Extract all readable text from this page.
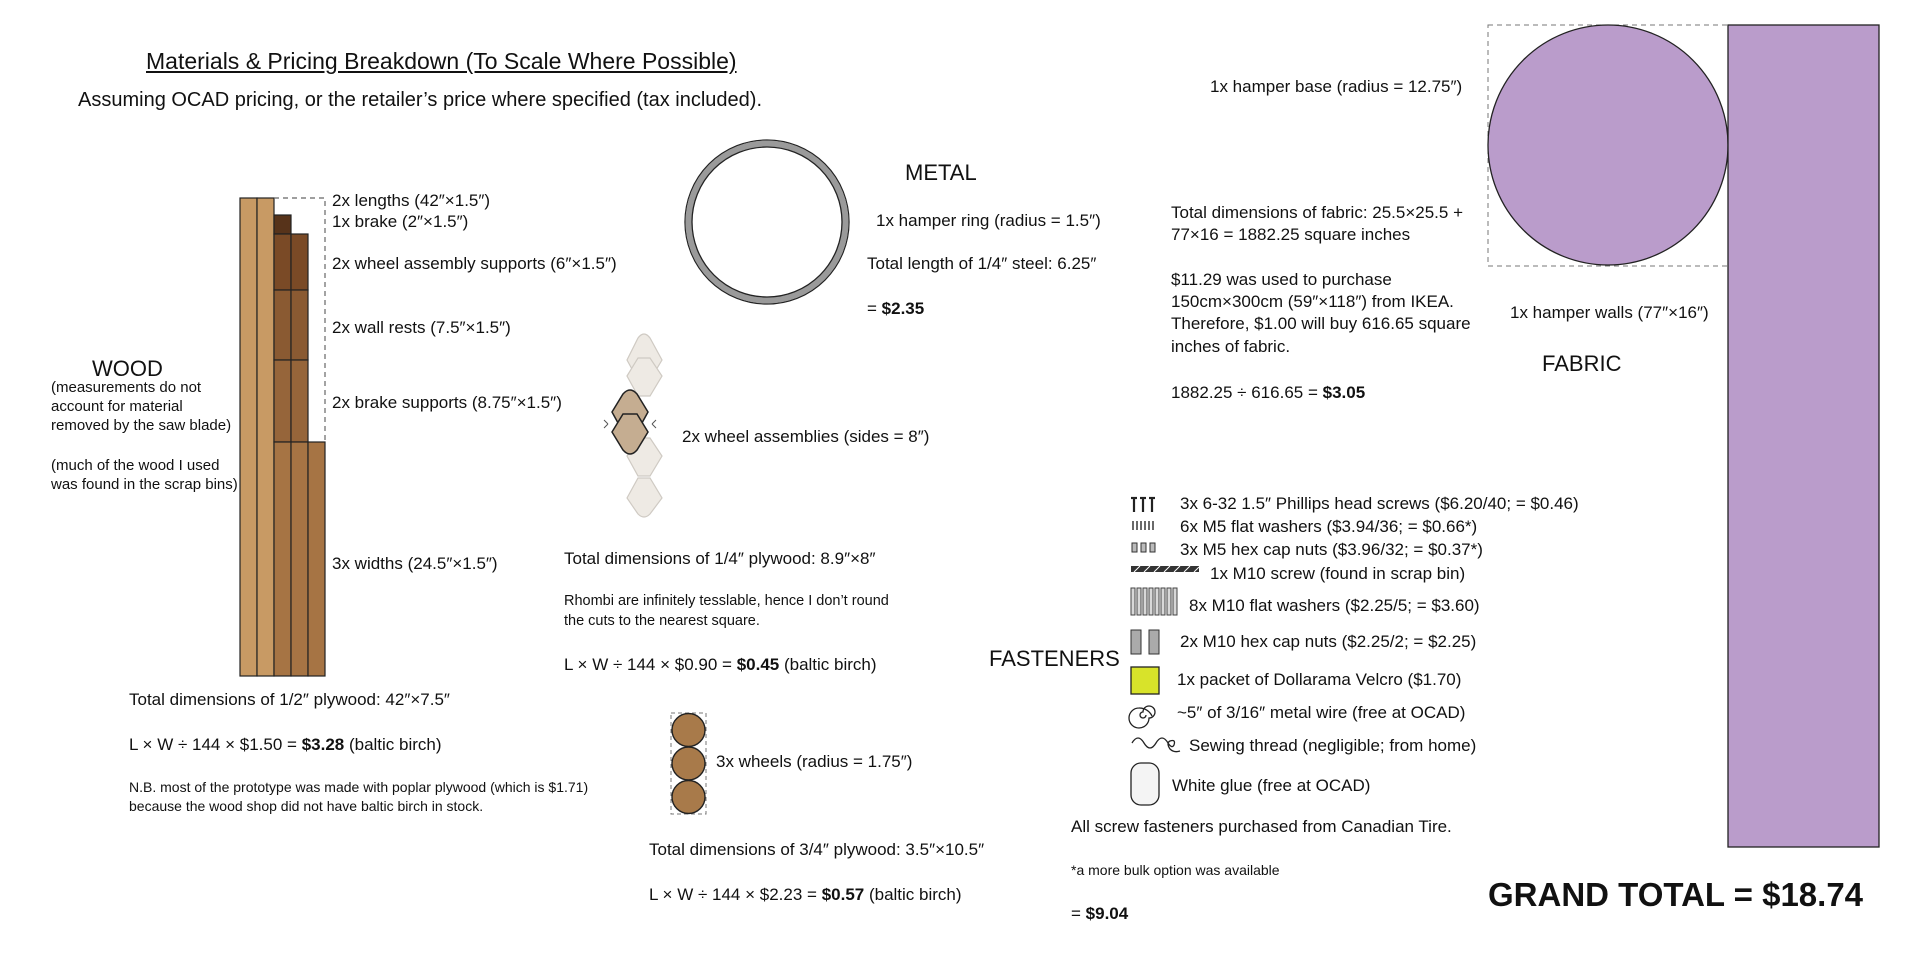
Materials & Pricing Breakdown (To Scale Where Possible)
Assuming OCAD pricing, or the retailer’s price where specified (tax included).
2x lengths (42″×1.5″)
1x brake (2″×1.5″)
2x wheel assembly supports (6″×1.5″)
2x wall rests (7.5″×1.5″)
2x brake supports (8.75″×1.5″)
3x widths (24.5″×1.5″)
WOOD
(measurements do not
account for material
removed by the saw blade)
(much of the wood I used
was found in the scrap bins)
Total dimensions of 1/2″ plywood: 42″×7.5″
L × W ÷ 144 × $1.50 = $3.28 (baltic birch)
N.B. most of the prototype was made with poplar plywood (which is $1.71)
because the wood shop did not have baltic birch in stock.
METAL
1x hamper ring (radius = 1.5″)
Total length of 1/4″ steel: 6.25″
= $2.35
2x wheel assemblies (sides = 8″)
Total dimensions of 1/4″ plywood: 8.9″×8″
Rhombi are infinitely tesslable, hence I don’t round
the cuts to the nearest square.
L × W ÷ 144 × $0.90 = $0.45 (baltic birch)
3x wheels (radius = 1.75″)
Total dimensions of 3/4″ plywood: 3.5″×10.5″
L × W ÷ 144 × $2.23 = $0.57 (baltic birch)
1x hamper base (radius = 12.75″)
1x hamper walls (77″×16″)
FABRIC
Total dimensions of fabric: 25.5×25.5 +
77×16 = 1882.25 square inches
$11.29 was used to purchase
150cm×300cm (59″×118″) from IKEA.
Therefore, $1.00 will buy 616.65 square
inches of fabric.
1882.25 ÷ 616.65 = $3.05
FASTENERS
3x 6-32 1.5″ Phillips head screws ($6.20/40; = $0.46)
6x M5 flat washers ($3.94/36; = $0.66*)
3x M5 hex cap nuts ($3.96/32; = $0.37*)
1x M10 screw (found in scrap bin)
8x M10 flat washers ($2.25/5; = $3.60)
2x M10 hex cap nuts ($2.25/2; = $2.25)
1x packet of Dollarama Velcro ($1.70)
~5″ of 3/16″ metal wire (free at OCAD)
Sewing thread (negligible; from home)
White glue (free at OCAD)
All screw fasteners purchased from Canadian Tire.
*a more bulk option was available
= $9.04
GRAND TOTAL = $18.74
